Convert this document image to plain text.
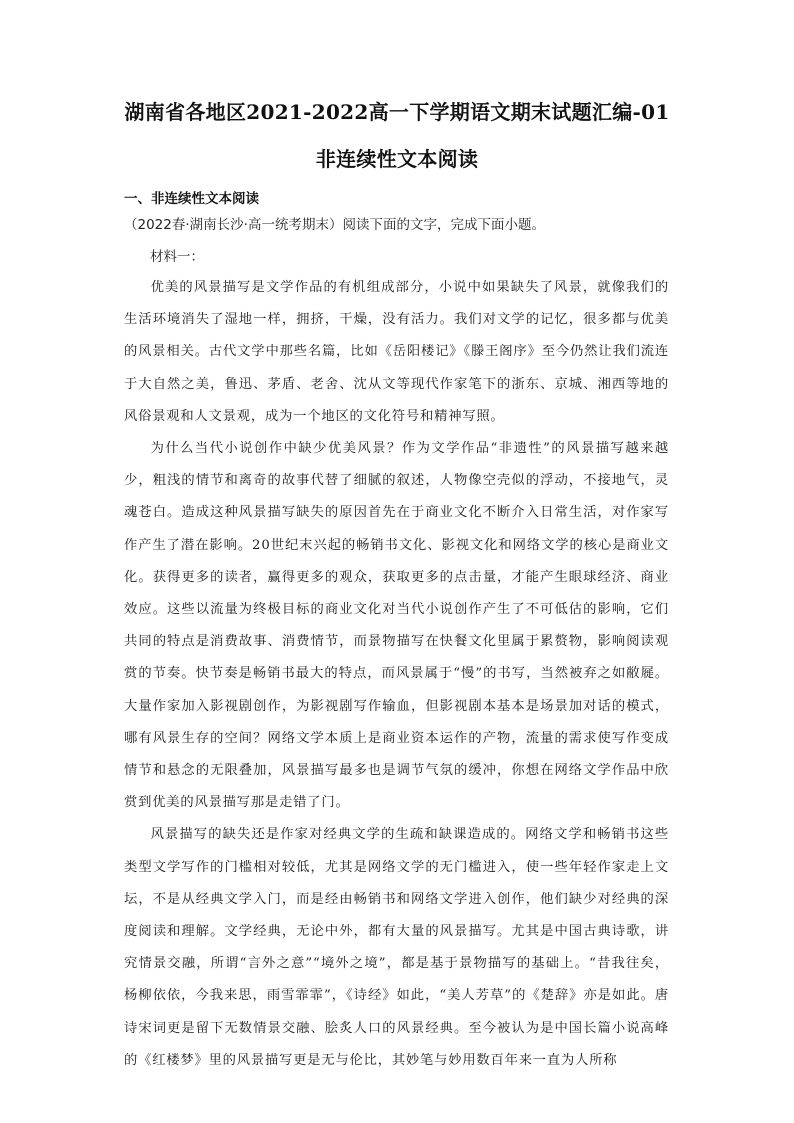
湖南省各地区2021-2022高一下学期语文期末试题汇编-01
非连续性文本阅读
一、非连续性文本阅读
（2022春·湖南长沙·高一统考期末）阅读下面的文字，完成下面小题。
材料一：

优美的风景描写是文学作品的有机组成部分，小说中如果缺失了风景，就像我们的生活环境消失了湿地一样，拥挤，干燥，没有活力。我们对文学的记忆，很多都与优美的风景相关。古代文学中那些名篇，比如《岳阳楼记》《滕王阁序》至今仍然让我们流连于大自然之美，鲁迅、茅盾、老舍、沈从文等现代作家笔下的浙东、京城、湘西等地的风俗景观和人文景观，成为一个地区的文化符号和精神写照。

为什么当代小说创作中缺少优美风景？作为文学作品“非遗性”的风景描写越来越少，粗浅的情节和离奇的故事代替了细腻的叙述，人物像空壳似的浮动，不接地气，灵魂苍白。造成这种风景描写缺失的原因首先在于商业文化不断介入日常生活，对作家写作产生了潜在影响。20世纪末兴起的畅销书文化、影视文化和网络文学的核心是商业文化。获得更多的读者，赢得更多的观众，获取更多的点击量，才能产生眼球经济、商业效应。这些以流量为终极目标的商业文化对当代小说创作产生了不可低估的影响，它们共同的特点是消费故事、消费情节，而景物描写在快餐文化里属于累赘物，影响阅读观赏的节奏。快节奏是畅销书最大的特点，而风景属于“慢”的书写，当然被弃之如敝屣。大量作家加入影视剧创作，为影视剧写作输血，但影视剧本基本是场景加对话的模式，哪有风景生存的空间？网络文学本质上是商业资本运作的产物，流量的需求使写作变成情节和悬念的无限叠加，风景描写最多也是调节气氛的缓冲，你想在网络文学作品中欣赏到优美的风景描写那是走错了门。

风景描写的缺失还是作家对经典文学的生疏和缺课造成的。网络文学和畅销书这些类型文学写作的门槛相对较低，尤其是网络文学的无门槛进入，使一些年轻作家走上文坛，不是从经典文学入门，而是经由畅销书和网络文学进入创作，他们缺少对经典的深度阅读和理解。文学经典，无论中外，都有大量的风景描写。尤其是中国古典诗歌，讲究情景交融，所谓“言外之意”“境外之境”，都是基于景物描写的基础上。“昔我往矣，杨柳依依，今我来思，雨雪霏霏”，《诗经》如此，“美人芳草”的《楚辞》亦是如此。唐诗宋词更是留下无数情景交融、脍炙人口的风景经典。至今被认为是中国长篇小说高峰的《红楼梦》里的风景描写更是无与伦比，其妙笔与妙用数百年来一直为人所称
